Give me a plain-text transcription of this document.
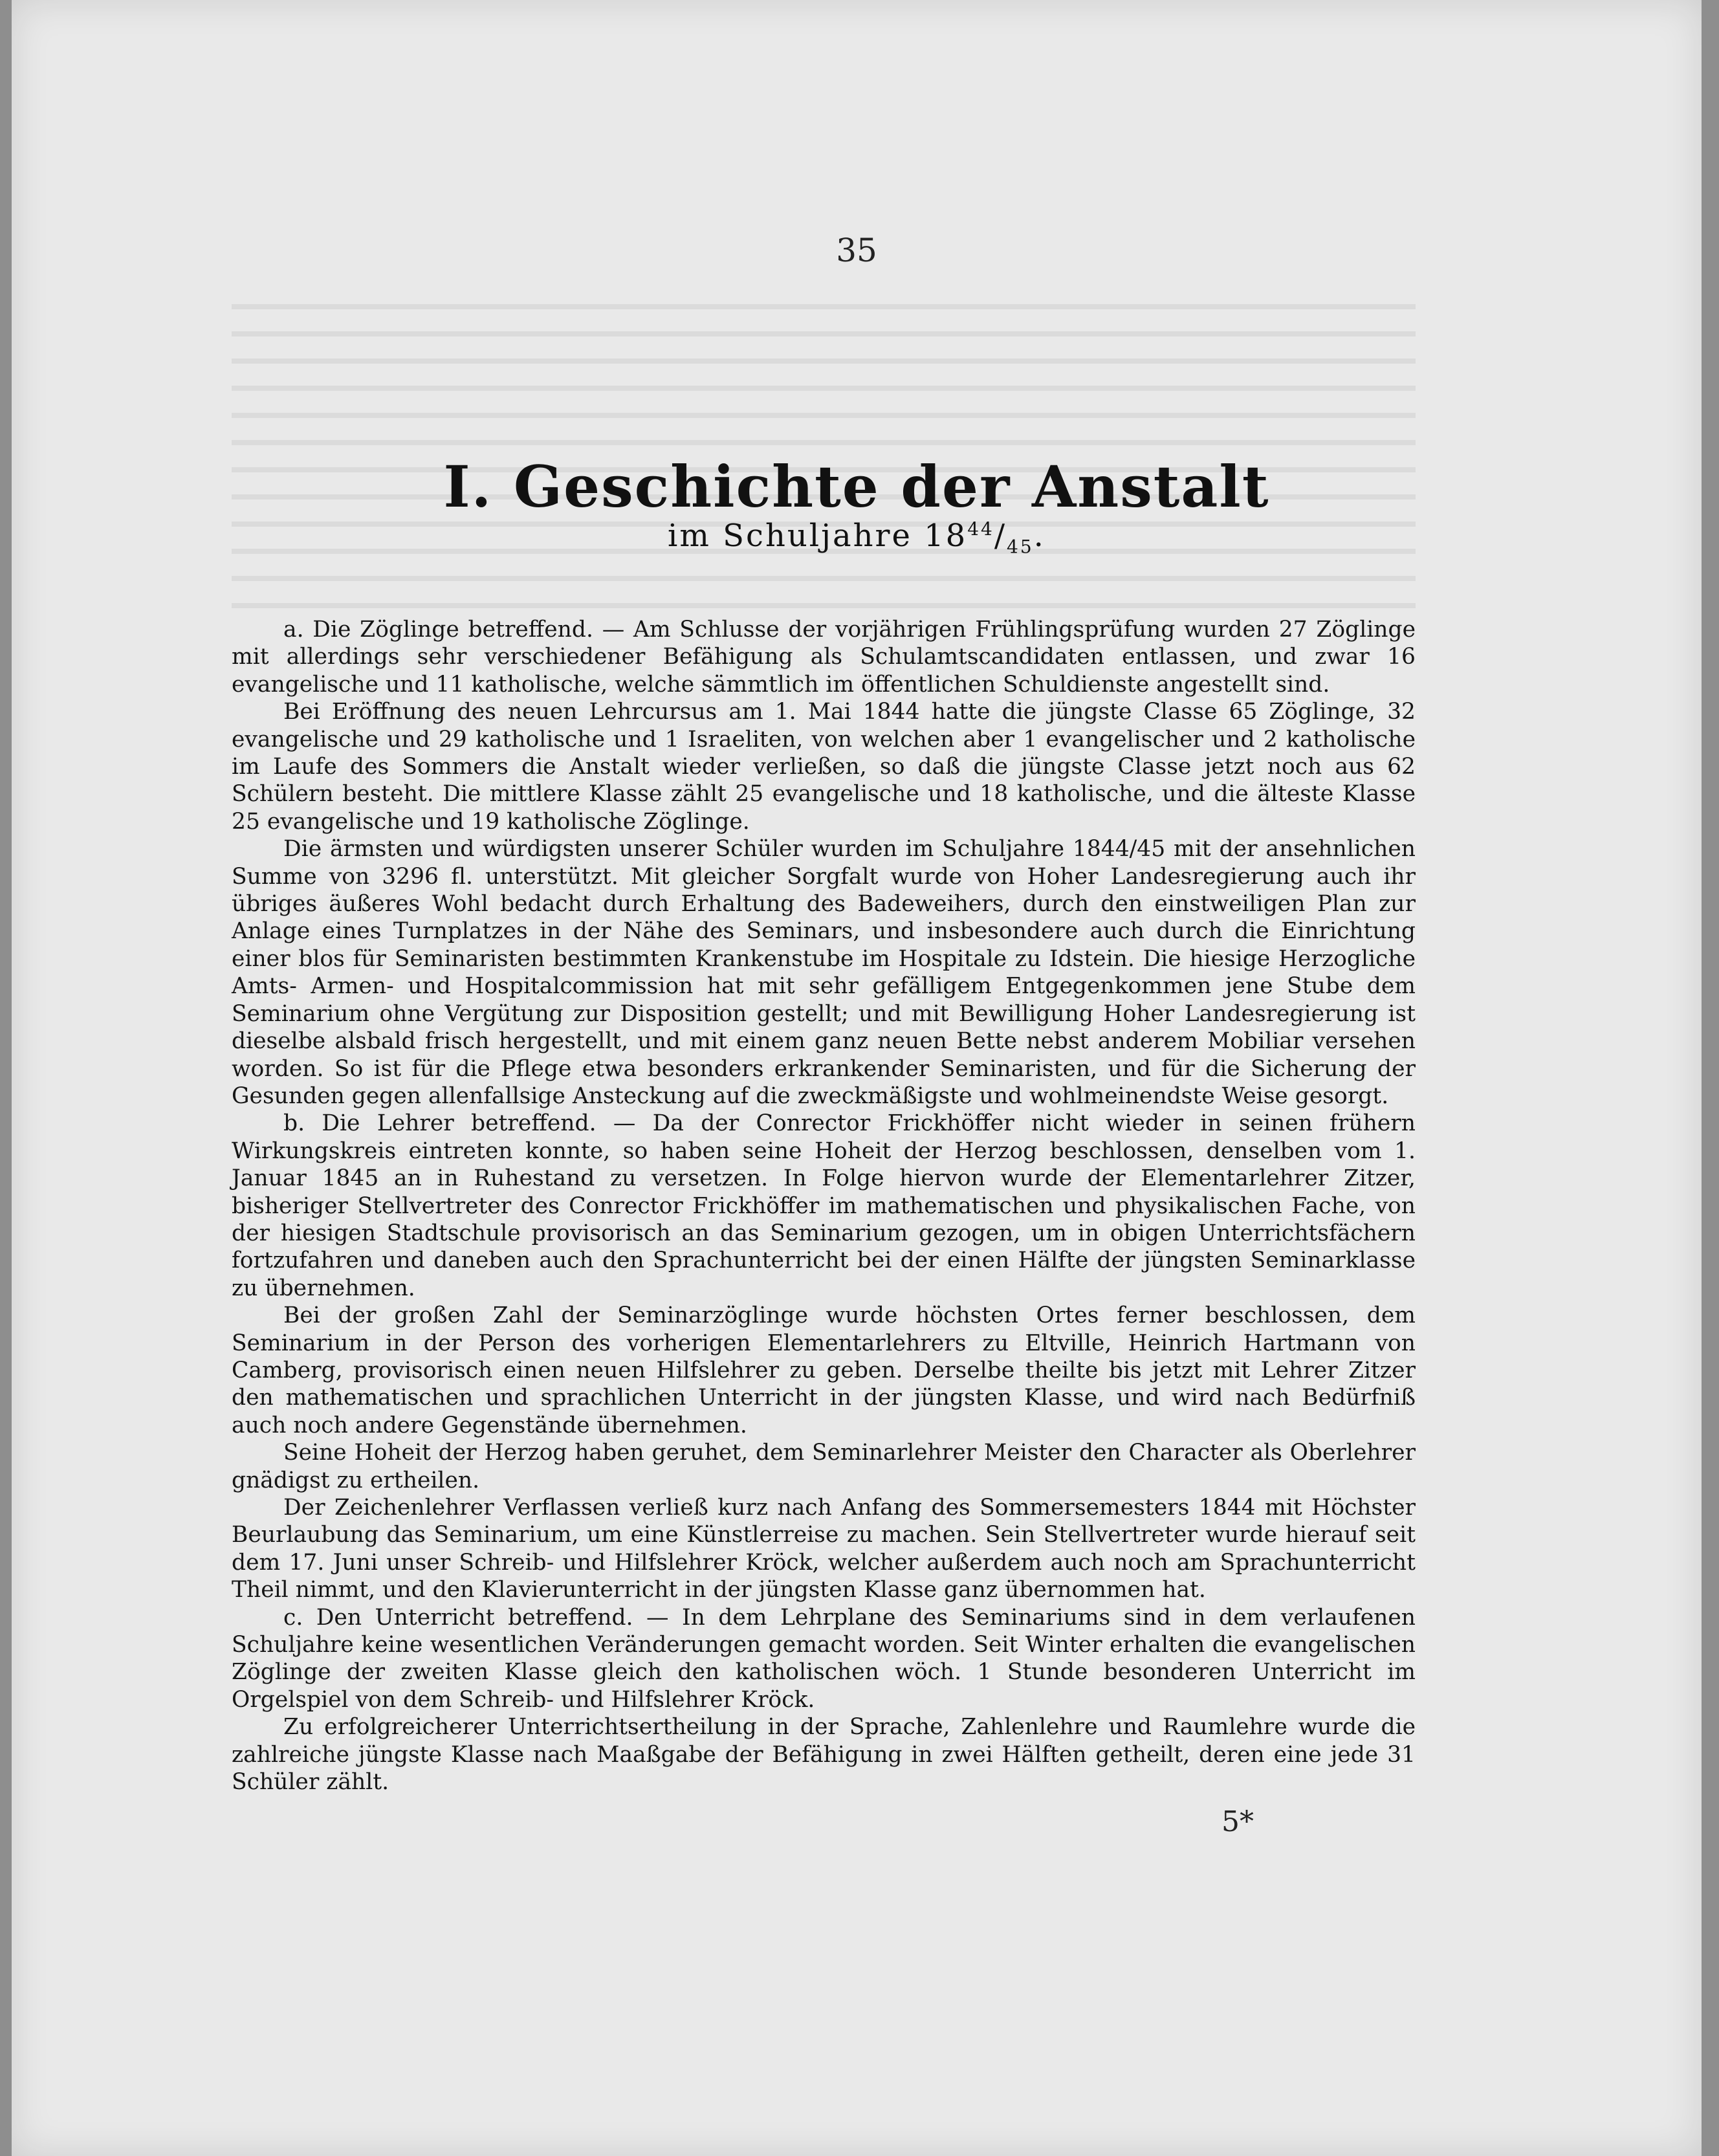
35
I. Geschichte der Anstalt
im Schuljahre $18^{44}/_{45}$.

a. Die Zöglinge betreffend. — Am Schlusse der vorjährigen Frühlingsprüfung wurden 27 Zöglinge mit allerdings sehr verschiedener Befähigung als Schulamtscandidaten entlassen, und zwar 16 evangelische und 11 katholische, welche sämmtlich im öffentlichen Schuldienste angestellt sind.

Bei Eröffnung des neuen Lehrcursus am 1. Mai 1844 hatte die jüngste Classe 65 Zöglinge, 32 evangelische und 29 katholische und 1 Israeliten, von welchen aber 1 evangelischer und 2 katholische im Laufe des Sommers die Anstalt wieder verließen, so daß die jüngste Classe jetzt noch aus 62 Schülern besteht. Die mittlere Klasse zählt 25 evangelische und 18 katholische, und die älteste Klasse 25 evangelische und 19 katholische Zöglinge.

Die ärmsten und würdigsten unserer Schüler wurden im Schuljahre 1844/45 mit der ansehnlichen Summe von 3296 fl. unterstützt. Mit gleicher Sorgfalt wurde von Hoher Landesregierung auch ihr übriges äußeres Wohl bedacht durch Erhaltung des Badeweihers, durch den einstweiligen Plan zur Anlage eines Turnplatzes in der Nähe des Seminars, und insbesondere auch durch die Einrichtung einer blos für Seminaristen bestimmten Krankenstube im Hospitale zu Idstein. Die hiesige Herzogliche Amts- Armen- und Hospitalcommission hat mit sehr gefälligem Entgegenkommen jene Stube dem Seminarium ohne Vergütung zur Disposition gestellt; und mit Bewilligung Hoher Landesregierung ist dieselbe alsbald frisch hergestellt, und mit einem ganz neuen Bette nebst anderem Mobiliar versehen worden. So ist für die Pflege etwa besonders erkrankender Seminaristen, und für die Sicherung der Gesunden gegen allenfallsige Ansteckung auf die zweckmäßigste und wohlmeinendste Weise gesorgt.

b. Die Lehrer betreffend. — Da der Conrector Frickhöffer nicht wieder in seinen frühern Wirkungskreis eintreten konnte, so haben seine Hoheit der Herzog beschlossen, denselben vom 1. Januar 1845 an in Ruhestand zu versetzen. In Folge hiervon wurde der Elementarlehrer Zitzer, bisheriger Stellvertreter des Conrector Frickhöffer im mathematischen und physikalischen Fache, von der hiesigen Stadtschule provisorisch an das Seminarium gezogen, um in obigen Unterrichtsfächern fortzufahren und daneben auch den Sprachunterricht bei der einen Hälfte der jüngsten Seminarklasse zu übernehmen.

Bei der großen Zahl der Seminarzöglinge wurde höchsten Ortes ferner beschlossen, dem Seminarium in der Person des vorherigen Elementarlehrers zu Eltville, Heinrich Hartmann von Camberg, provisorisch einen neuen Hilfslehrer zu geben. Derselbe theilte bis jetzt mit Lehrer Zitzer den mathematischen und sprachlichen Unterricht in der jüngsten Klasse, und wird nach Bedürfniß auch noch andere Gegenstände übernehmen.

Seine Hoheit der Herzog haben geruhet, dem Seminarlehrer Meister den Character als Oberlehrer gnädigst zu ertheilen.

Der Zeichenlehrer Verflassen verließ kurz nach Anfang des Sommersemesters 1844 mit Höchster Beurlaubung das Seminarium, um eine Künstlerreise zu machen. Sein Stellvertreter wurde hierauf seit dem 17. Juni unser Schreib- und Hilfslehrer Kröck, welcher außerdem auch noch am Sprachunterricht Theil nimmt, und den Klavierunterricht in der jüngsten Klasse ganz übernommen hat.

c. Den Unterricht betreffend. — In dem Lehrplane des Seminariums sind in dem verlaufenen Schuljahre keine wesentlichen Veränderungen gemacht worden. Seit Winter erhalten die evangelischen Zöglinge der zweiten Klasse gleich den katholischen wöch. 1 Stunde besonderen Unterricht im Orgelspiel von dem Schreib- und Hilfslehrer Kröck.

Zu erfolgreicherer Unterrichtsertheilung in der Sprache, Zahlenlehre und Raumlehre wurde die zahlreiche jüngste Klasse nach Maaßgabe der Befähigung in zwei Hälften getheilt, deren eine jede 31 Schüler zählt.

5*
